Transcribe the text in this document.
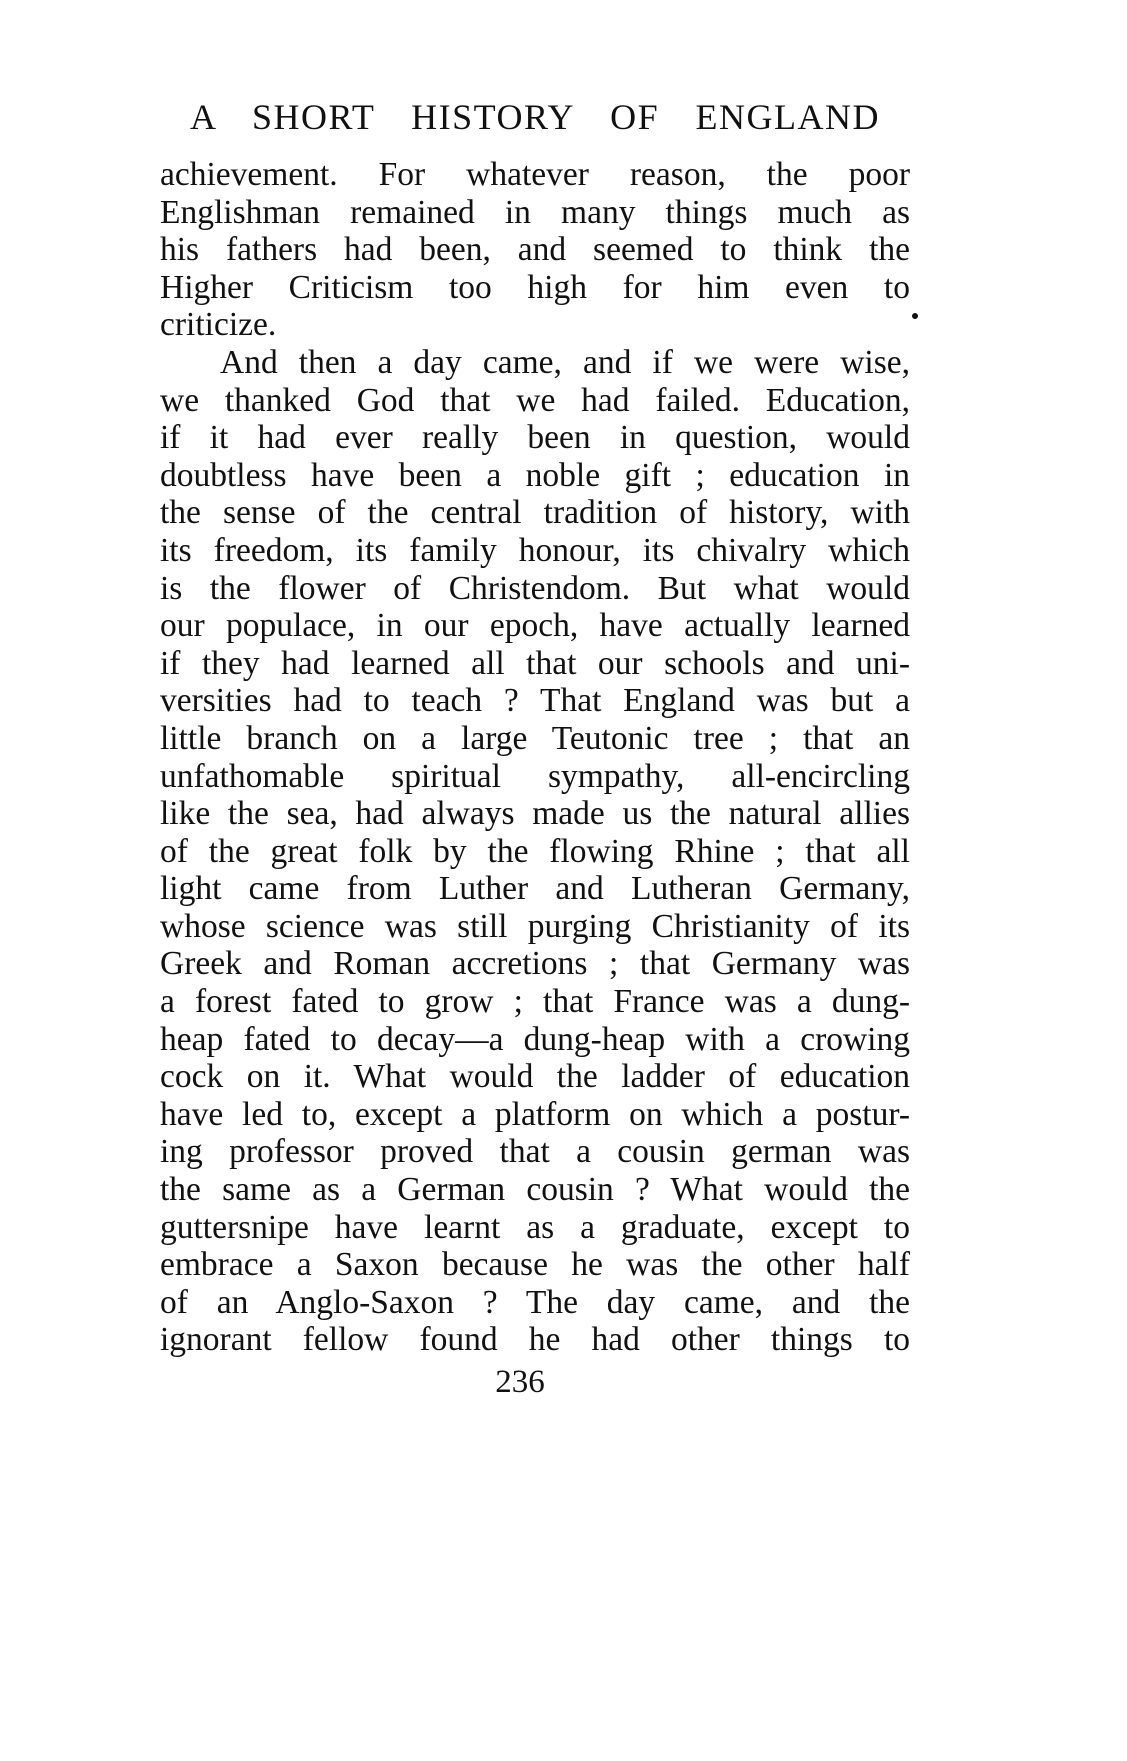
A SHORT HISTORY OF ENGLAND
achievement. For whatever reason, the poor
Englishman remained in many things much as
his fathers had been, and seemed to think the
Higher Criticism too high for him even to
criticize.
And then a day came, and if we were wise,
we thanked God that we had failed. Education,
if it had ever really been in question, would
doubtless have been a noble gift ; education in
the sense of the central tradition of history, with
its freedom, its family honour, its chivalry which
is the flower of Christendom. But what would
our populace, in our epoch, have actually learned
if they had learned all that our schools and uni-
versities had to teach ? That England was but a
little branch on a large Teutonic tree ; that an
unfathomable spiritual sympathy, all-encircling
like the sea, had always made us the natural allies
of the great folk by the flowing Rhine ; that all
light came from Luther and Lutheran Germany,
whose science was still purging Christianity of its
Greek and Roman accretions ; that Germany was
a forest fated to grow ; that France was a dung-
heap fated to decay—a dung-heap with a crowing
cock on it. What would the ladder of education
have led to, except a platform on which a postur-
ing professor proved that a cousin german was
the same as a German cousin ? What would the
guttersnipe have learnt as a graduate, except to
embrace a Saxon because he was the other half
of an Anglo-Saxon ? The day came, and the
ignorant fellow found he had other things to
236
